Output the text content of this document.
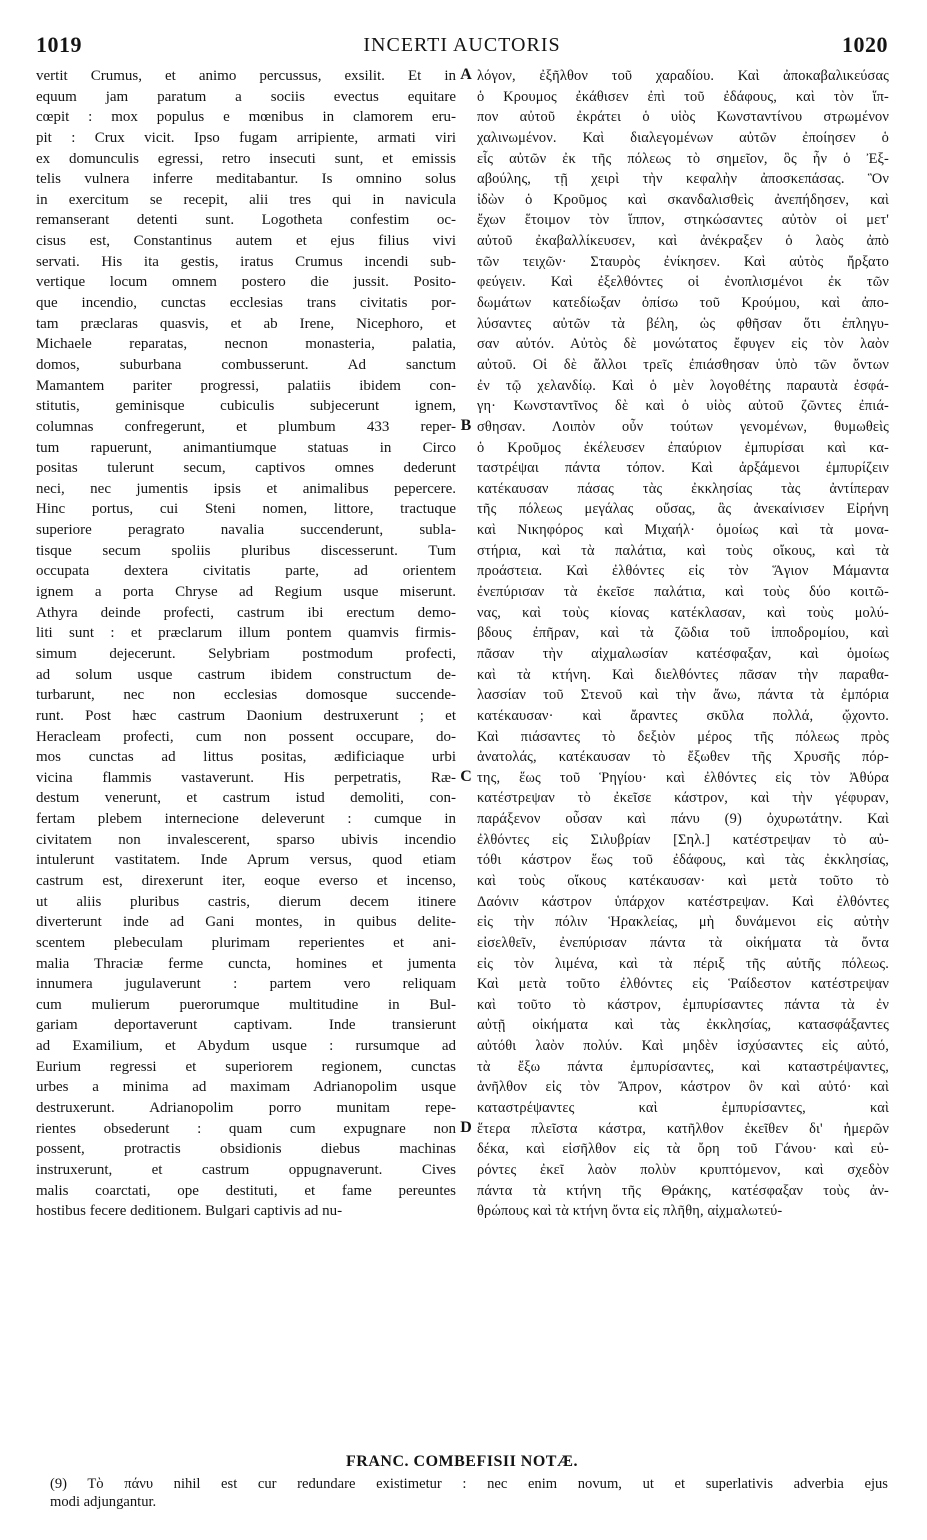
1019	INCERTI AUCTORIS	1020
vertit Crumus, et animo percussus, exsilit. Et in
equum jam paratum a sociis evectus equitare
cœpit : mox populus e mœnibus in clamorem eru-
pit : Crux vicit. Ipso fugam arripiente, armati viri
ex domunculis egressi, retro insecuti sunt, et emissis
telis vulnera inferre meditabantur. Is omnino solus
in exercitum se recepit, alii tres qui in navicula
remanserant detenti sunt. Logotheta confestim oc-
cisus est, Constantinus autem et ejus filius vivi
servati. His ita gestis, iratus Crumus incendi sub-
vertique locum omnem postero die jussit. Posito-
que incendio, cunctas ecclesias trans civitatis por-
tam præclaras quasvis, et ab Irene, Nicephoro, et
Michaele reparatas, necnon monasteria, palatia,
domos, suburbana combusserunt. Ad sanctum
Mamantem pariter progressi, palatiis ibidem con-
stitutis, geminisque cubiculis subjecerunt ignem,
columnas confregerunt, et plumbum 433 reper-
tum rapuerunt, animantiumque statuas in Circo
positas tulerunt secum, captivos omnes dederunt
neci, nec jumentis ipsis et animalibus pepercere.
Hinc portus, cui Steni nomen, littore, tractuque
superiore peragrato navalia succenderunt, subla-
tisque secum spoliis pluribus discesserunt. Tum
occupata dextera civitatis parte, ad orientem
ignem a porta Chryse ad Regium usque miserunt.
Athyra deinde profecti, castrum ibi erectum demo-
liti sunt : et præclarum illum pontem quamvis firmis-
simum dejecerunt. Selybriam postmodum profecti,
ad solum usque castrum ibidem constructum de-
turbarunt, nec non ecclesias domosque succende-
runt. Post hæc castrum Daonium destruxerunt ; et
Heracleam profecti, cum non possent occupare, do-
mos cunctas ad littus positas, ædificiaque urbi
vicina flammis vastaverunt. His perpetratis, Ræ-
destum venerunt, et castrum istud demoliti, con-
fertam plebem internecione deleverunt : cumque in
civitatem non invalescerent, sparso ubivis incendio
intulerunt vastitatem. Inde Aprum versus, quod etiam
castrum est, direxerunt iter, eoque everso et incenso,
ut aliis pluribus castris, dierum decem itinere
diverterunt inde ad Gani montes, in quibus delite-
scentem plebeculam plurimam reperientes et ani-
malia Thraciæ ferme cuncta, homines et jumenta
innumera jugulaverunt : partem vero reliquam
cum mulierum puerorumque multitudine in Bul-
gariam deportaverunt captivam. Inde transierunt
ad Examilium, et Abydum usque : rursumque ad
Eurium regressi et superiorem regionem, cunctas
urbes a minima ad maximam Adrianopolim usque
destruxerunt. Adrianopolim porro munitam repe-
rientes obsederunt : quam cum expugnare non
possent, protractis obsidionis diebus machinas
instruxerunt, et castrum oppugnaverunt. Cives
malis coarctati, ope destituti, et fame pereuntes
hostibus fecere deditionem. Bulgari captivis ad nu-
λόγον, ἐξῆλθον τοῦ χαραδίου. Καὶ ἀποκαβαλικεύσας
ὁ Κρουμος ἐκάθισεν ἐπὶ τοῦ ἐδάφους, καὶ τὸν ἵπ-
πον αὐτοῦ ἐκράτει ὁ υἱὸς Κωνσταντίνου στρωμένον
χαλινωμένον. Καὶ διαλεγομένων αὐτῶν ἐποίησεν ὁ
εἷς αὐτῶν ἐκ τῆς πόλεως τὸ σημεῖον, ὃς ἦν ὁ Ἐξ-
αβούλης, τῇ χειρὶ τὴν κεφαλὴν ἀποσκεπάσας. Ὃν
ἰδὼν ὁ Κροῦμος καὶ σκανδαλισθεὶς ἀνεπήδησεν, καὶ
ἔχων ἕτοιμον τὸν ἵππον, στηκώσαντες αὐτὸν οἱ μετ'
αὐτοῦ ἐκαβαλλίκευσεν, καὶ ἀνέκραξεν ὁ λαὸς ἀπὸ
τῶν τειχῶν· Σταυρὸς ἐνίκησεν. Καὶ αὐτὸς ἤρξατο
φεύγειν. Καὶ ἐξελθόντες οἱ ἐνοπλισμένοι ἐκ τῶν
δωμάτων κατεδίωξαν ὀπίσω τοῦ Κρούμου, καὶ ἀπο-
λύσαντες αὐτῶν τὰ βέλη, ὡς φθῆσαν ὅτι ἐπληγυ-
σαν αὐτόν. Αὐτὸς δὲ μονώτατος ἔφυγεν εἰς τὸν λαὸν
αὐτοῦ. Οἱ δὲ ἄλλοι τρεῖς ἐπιάσθησαν ὑπὸ τῶν ὄντων
ἐν τῷ χελανδίῳ. Καὶ ὁ μὲν λογοθέτης παραυτὰ ἐσφά-
γη· Κωνσταντῖνος δὲ καὶ ὁ υἱὸς αὐτοῦ ζῶντες ἐπιά-
σθησαν. Λοιπὸν οὖν τούτων γενομένων, θυμωθεὶς
ὁ Κροῦμος ἐκέλευσεν ἐπαύριον ἐμπυρίσαι καὶ κα-
ταστρέψαι πάντα τόπον. Καὶ ἀρξάμενοι ἐμπυρίζειν
κατέκαυσαν πάσας τὰς ἐκκλησίας τὰς ἀντίπεραν
τῆς πόλεως μεγάλας οὔσας, ἃς ἀνεκαίνισεν Εἰρήνη
καὶ Νικηφόρος καὶ Μιχαήλ· ὁμοίως καὶ τὰ μονα-
στήρια, καὶ τὰ παλάτια, καὶ τοὺς οἴκους, καὶ τὰ
προάστεια. Καὶ ἐλθόντες εἰς τὸν Ἅγιον Μάμαντα
ἐνεπύρισαν τὰ ἐκεῖσε παλάτια, καὶ τοὺς δύο κοιτῶ-
νας, καὶ τοὺς κίονας κατέκλασαν, καὶ τοὺς μολύ-
βδους ἐπῆραν, καὶ τὰ ζῶδια τοῦ ἱπποδρομίου, καὶ
πᾶσαν τὴν αἰχμαλωσίαν κατέσφαξαν, καὶ ὁμοίως
καὶ τὰ κτήνη. Καὶ διελθόντες πᾶσαν τὴν παραθα-
λασσίαν τοῦ Στενοῦ καὶ τὴν ἄνω, πάντα τὰ ἐμπόρια
κατέκαυσαν· καὶ ἄραντες σκῦλα πολλά, ᾤχοντο.
Καὶ πιάσαντες τὸ δεξιὸν μέρος τῆς πόλεως πρὸς
ἀνατολάς, κατέκαυσαν τὸ ἔξωθεν τῆς Χρυσῆς πόρ-
της, ἕως τοῦ Ῥηγίου· καὶ ἐλθόντες εἰς τὸν Ἀθύρα
κατέστρεψαν τὸ ἐκεῖσε κάστρον, καὶ τὴν γέφυραν,
παράξενον οὖσαν καὶ πάνυ (9) ὀχυρωτάτην. Καὶ
ἐλθόντες εἰς Σιλυβρίαν [Σηλ.] κατέστρεψαν τὸ αὐ-
τόθι κάστρον ἕως τοῦ ἐδάφους, καὶ τὰς ἐκκλησίας,
καὶ τοὺς οἴκους κατέκαυσαν· καὶ μετὰ τοῦτο τὸ
Δαόνιν κάστρον ὑπάρχον κατέστρεψαν. Καὶ ἐλθόντες
εἰς τὴν πόλιν Ἡρακλείας, μὴ δυνάμενοι εἰς αὐτὴν
εἰσελθεῖν, ἐνεπύρισαν πάντα τὰ οἰκήματα τὰ ὄντα
εἰς τὸν λιμένα, καὶ τὰ πέριξ τῆς αὐτῆς πόλεως.
Καὶ μετὰ τοῦτο ἐλθόντες εἰς Ῥαίδεστον κατέστρεψαν
καὶ τοῦτο τὸ κάστρον, ἐμπυρίσαντες πάντα τὰ ἐν
αὐτῇ οἰκήματα καὶ τὰς ἐκκλησίας, κατασφάξαντες
αὐτόθι λαὸν πολύν. Καὶ μηδὲν ἰσχύσαντες εἰς αὐτό,
τὰ ἔξω πάντα ἐμπυρίσαντες, καὶ καταστρέψαντες,
ἀνῆλθον εἰς τὸν Ἄπρον, κάστρον ὂν καὶ αὐτό· καὶ
καταστρέψαντες καὶ ἐμπυρίσαντες, καὶ
ἕτερα πλεῖστα κάστρα, κατῆλθον ἐκεῖθεν δι' ἡμερῶν
δέκα, καὶ εἰσῆλθον εἰς τὰ ὄρη τοῦ Γάνου· καὶ εὑ-
ρόντες ἐκεῖ λαὸν πολὺν κρυπτόμενον, καὶ σχεδὸν
πάντα τὰ κτήνη τῆς Θράκης, κατέσφαξαν τοὺς ἀν-
θρώπους καὶ τὰ κτήνη ὄντα εἰς πλῆθη, αἰχμαλωτεύ-
A
B
C
D
FRANC. COMBEFISII NOTÆ.
(9) Τὸ πάνυ nihil est cur redundare existimetur : nec enim novum, ut et superlativis adverbia ejus
modi adjungantur.
